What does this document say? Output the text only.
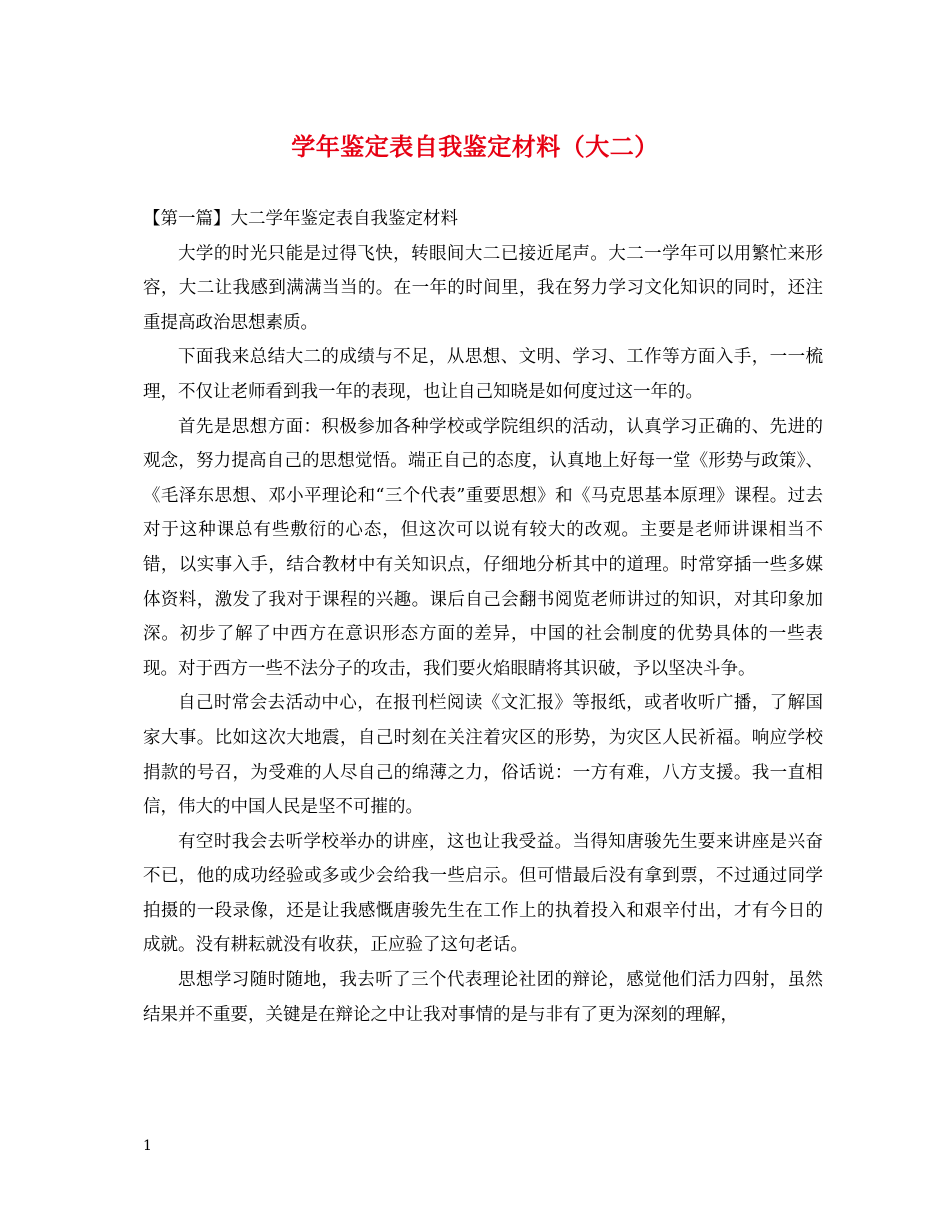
学年鉴定表自我鉴定材料（大二）

【第一篇】大二学年鉴定表自我鉴定材料

大学的时光只能是过得飞快，转眼间大二已接近尾声。大二一学年可以用繁忙来形容，大二让我感到满满当当的。在一年的时间里，我在努力学习文化知识的同时，还注重提高政治思想素质。

下面我来总结大二的成绩与不足，从思想、文明、学习、工作等方面入手，一一梳理，不仅让老师看到我一年的表现，也让自己知晓是如何度过这一年的。

首先是思想方面：积极参加各种学校或学院组织的活动，认真学习正确的、先进的观念，努力提高自己的思想觉悟。端正自己的态度，认真地上好每一堂《形势与政策》、《毛泽东思想、邓小平理论和“三个代表”重要思想》和《马克思基本原理》课程。过去对于这种课总有些敷衍的心态，但这次可以说有较大的改观。主要是老师讲课相当不错，以实事入手，结合教材中有关知识点，仔细地分析其中的道理。时常穿插一些多媒体资料，激发了我对于课程的兴趣。课后自己会翻书阅览老师讲过的知识，对其印象加深。初步了解了中西方在意识形态方面的差异，中国的社会制度的优势具体的一些表现。对于西方一些不法分子的攻击，我们要火焰眼睛将其识破，予以坚决斗争。

自己时常会去活动中心，在报刊栏阅读《文汇报》等报纸，或者收听广播，了解国家大事。比如这次大地震，自己时刻在关注着灾区的形势，为灾区人民祈福。响应学校捐款的号召，为受难的人尽自己的绵薄之力，俗话说：一方有难，八方支援。我一直相信，伟大的中国人民是坚不可摧的。

有空时我会去听学校举办的讲座，这也让我受益。当得知唐骏先生要来讲座是兴奋不已，他的成功经验或多或少会给我一些启示。但可惜最后没有拿到票，不过通过同学拍摄的一段录像，还是让我感慨唐骏先生在工作上的执着投入和艰辛付出，才有今日的成就。没有耕耘就没有收获，正应验了这句老话。

思想学习随时随地，我去听了三个代表理论社团的辩论，感觉他们活力四射，虽然结果并不重要，关键是在辩论之中让我对事情的是与非有了更为深刻的理解，

1
